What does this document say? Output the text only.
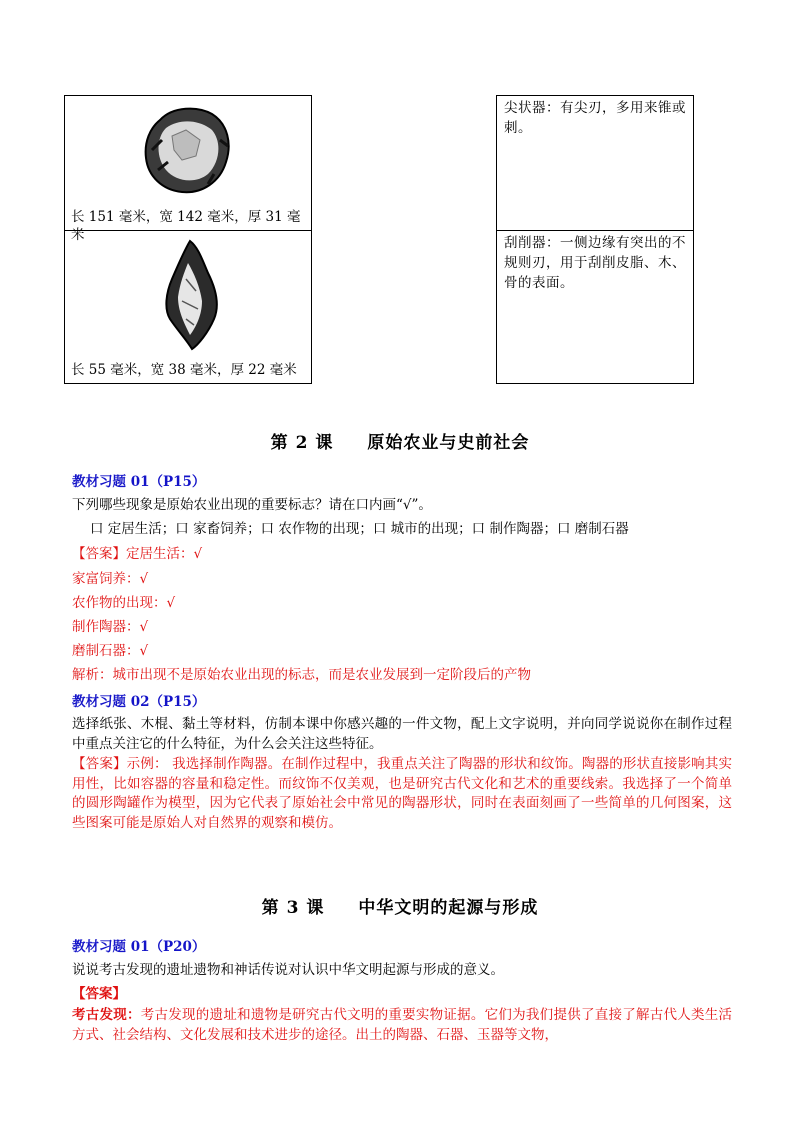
长 151 毫米，宽 142 毫米，厚 31 毫米
长 55 毫米，宽 38 毫米，厚 22 毫米
尖状器：有尖刃，多用来锥或刺。
刮削器：一侧边缘有突出的不规则刃，用于刮削皮脂、木、骨的表面。
第 2 课 原始农业与史前社会
教材习题 01（P15）
下列哪些现象是原始农业出现的重要标志？请在口内画“√”。
口 定居生活；口 家畜饲养；口 农作物的出现；口 城市的出现；口 制作陶器；口 磨制石器
【答案】定居生活：√
家富饲养：√
农作物的出现：√
制作陶器：√
磨制石器：√
解析：城市出现不是原始农业出现的标志，而是农业发展到一定阶段后的产物
教材习题 02（P15）
选择纸张、木棍、黏土等材料，仿制本课中你感兴趣的一件文物，配上文字说明，并向同学说说你在制作过程中重点关注它的什么特征，为什么会关注这些特征。
【答案】示例： 我选择制作陶器。在制作过程中，我重点关注了陶器的形状和纹饰。陶器的形状直接影响其实用性，比如容器的容量和稳定性。而纹饰不仅美观，也是研究古代文化和艺术的重要线索。我选择了一个简单的圆形陶罐作为模型，因为它代表了原始社会中常见的陶器形状，同时在表面刻画了一些简单的几何图案，这些图案可能是原始人对自然界的观察和模仿。
第 3 课 中华文明的起源与形成
教材习题 01（P20）
说说考古发现的遗址遗物和神话传说对认识中华文明起源与形成的意义。
【答案】
考古发现：考古发现的遗址和遗物是研究古代文明的重要实物证据。它们为我们提供了直接了解古代人类生活方式、社会结构、文化发展和技术进步的途径。出土的陶器、石器、玉器等文物，
